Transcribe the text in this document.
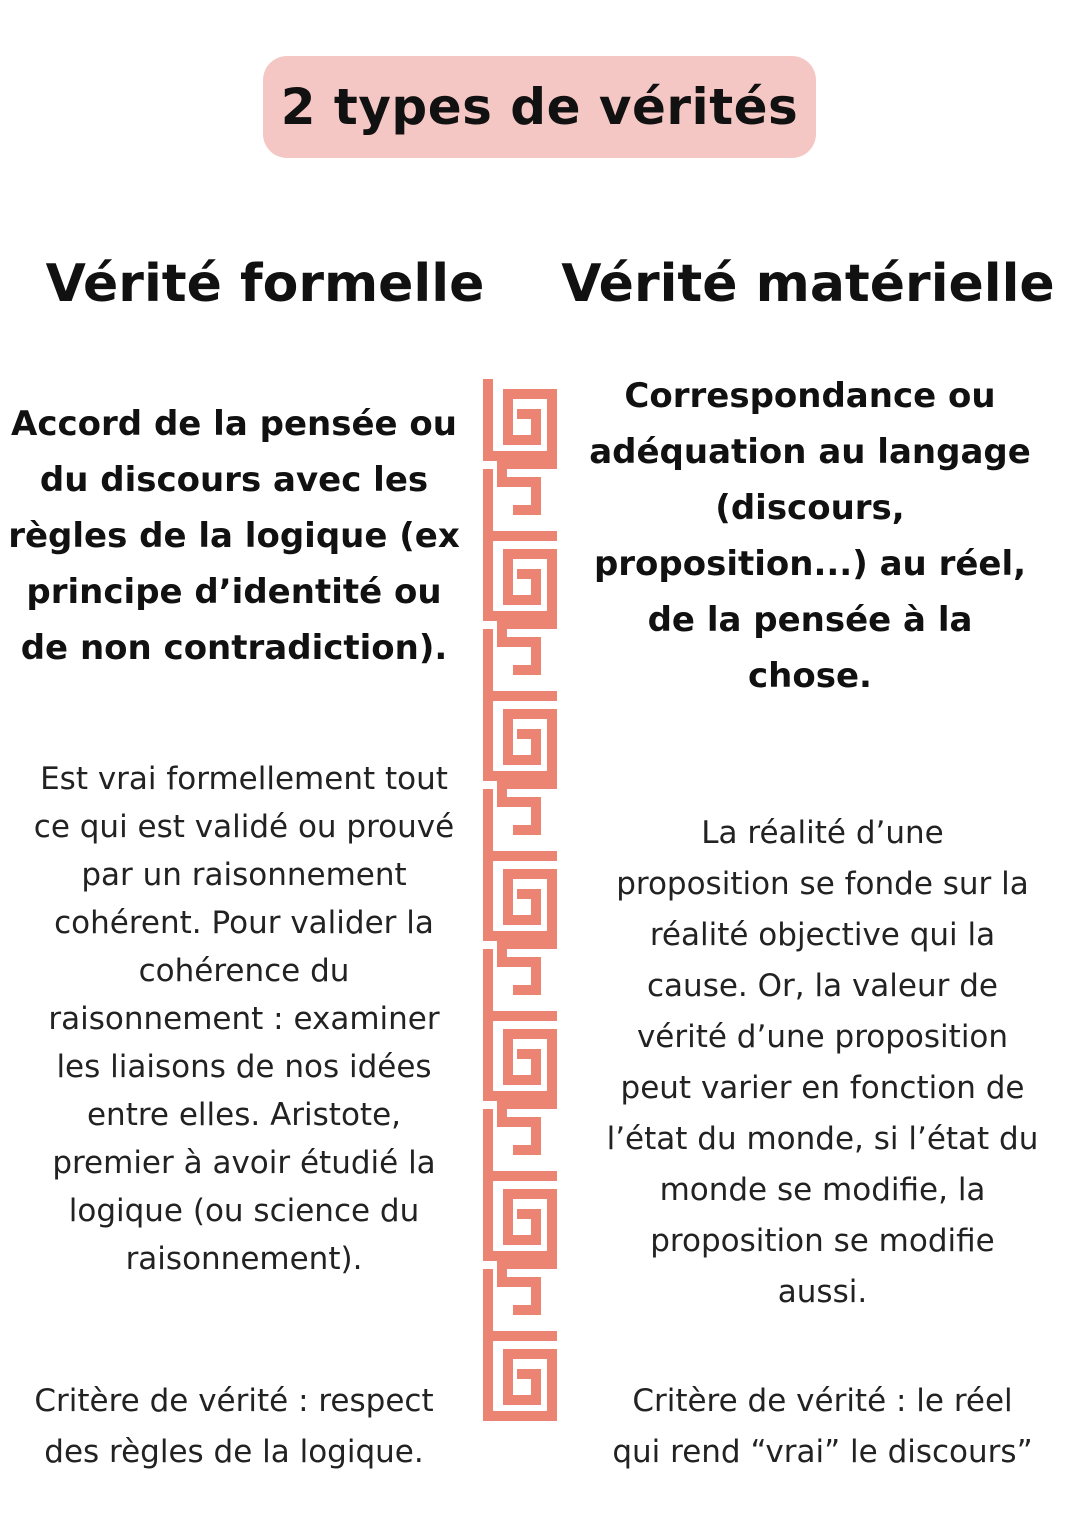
2 types de vérités
Vérité formelle	Vérité matérielle
Accord de la pensée ou
du discours avec les
règles de la logique (ex
principe d’identité ou
de non contradiction).
Correspondance ou
adéquation au langage
(discours,
proposition...) au réel,
de la pensée à la
chose.
Est vrai formellement tout
ce qui est validé ou prouvé
par un raisonnement
cohérent. Pour valider la
cohérence du
raisonnement : examiner
les liaisons de nos idées
entre elles. Aristote,
premier à avoir étudié la
logique (ou science du
raisonnement).
La réalité d’une
proposition se fonde sur la
réalité objective qui la
cause. Or, la valeur de
vérité d’une proposition
peut varier en fonction de
l’état du monde, si l’état du
monde se modifie, la
proposition se modifie
aussi.
Critère de vérité : respect
des règles de la logique.
Critère de vérité : le réel
qui rend “vrai” le discours”
